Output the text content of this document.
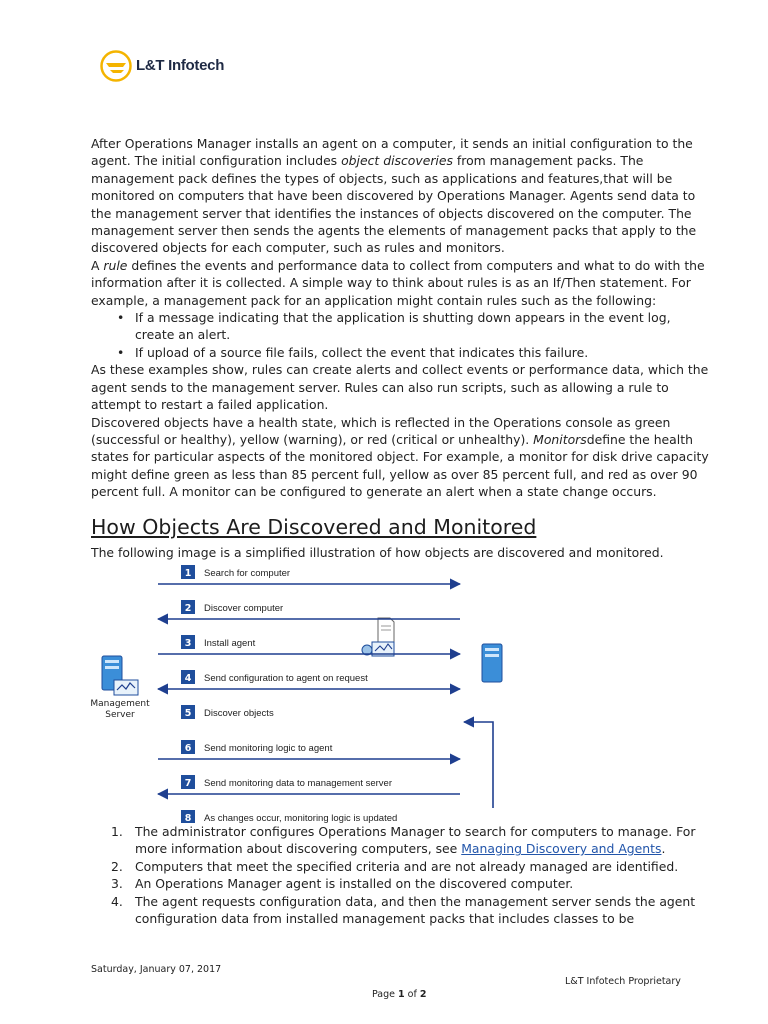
L&T Infotech

After Operations Manager installs an agent on a computer, it sends an initial configuration to the agent. The initial configuration includes object discoveries from management packs. The management pack defines the types of objects, such as applications and features,that will be monitored on computers that have been discovered by Operations Manager. Agents send data to the management server that identifies the instances of objects discovered on the computer. The management server then sends the agents the elements of management packs that apply to the discovered objects for each computer, such as rules and monitors.

A rule defines the events and performance data to collect from computers and what to do with the information after it is collected. A simple way to think about rules is as an If/Then statement. For example, a management pack for an application might contain rules such as the following:

• If a message indicating that the application is shutting down appears in the event log, create an alert.
• If upload of a source file fails, collect the event that indicates this failure.

As these examples show, rules can create alerts and collect events or performance data, which the agent sends to the management server. Rules can also run scripts, such as allowing a rule to attempt to restart a failed application.

Discovered objects have a health state, which is reflected in the Operations console as green (successful or healthy), yellow (warning), or red (critical or unhealthy). Monitorsdefine the health states for particular aspects of the monitored object. For example, a monitor for disk drive capacity might define green as less than 85 percent full, yellow as over 85 percent full, and red as over 90 percent full. A monitor can be configured to generate an alert when a state change occurs.

How Objects Are Discovered and Monitored
The following image is a simplified illustration of how objects are discovered and monitored.
Management
Server
1 Search for computer
2 Discover computer
3 Install agent
4 Send configuration to agent on request
5 Discover objects
6 Send monitoring logic to agent
7 Send monitoring data to management server
8 As changes occur, monitoring logic is updated
1. The administrator configures Operations Manager to search for computers to manage. For more information about discovering computers, see Managing Discovery and Agents.
2. Computers that meet the specified criteria and are not already managed are identified.
3. An Operations Manager agent is installed on the discovered computer.
4. The agent requests configuration data, and then the management server sends the agent configuration data from installed management packs that includes classes to be
Saturday, January 07, 2017
L&T Infotech Proprietary
Page 1 of 2
